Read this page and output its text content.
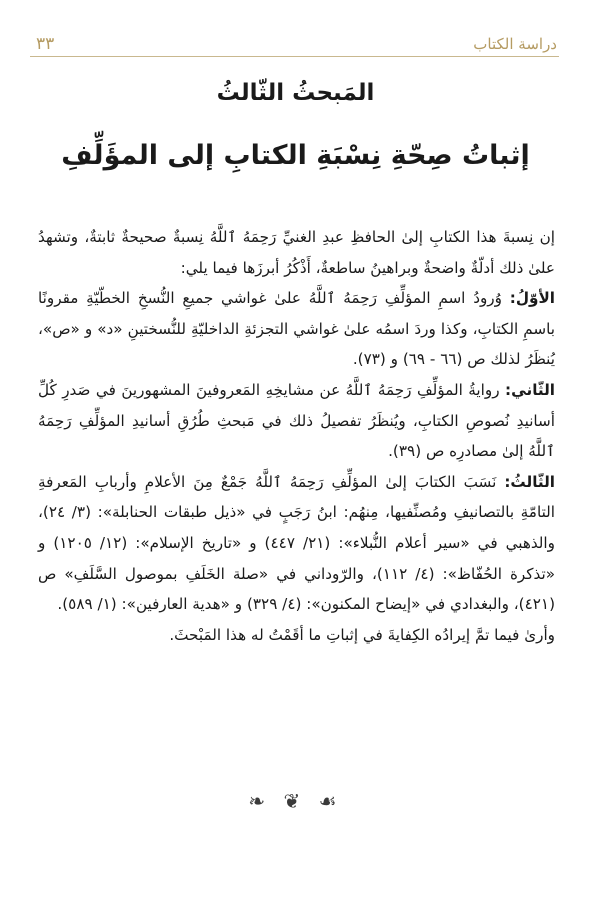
٣٣	دراسة الكتاب
المَبحثُ الثّالثُ
إثباتُ صِحّةِ نِسْبَةِ الكتابِ إلى المؤَلِّفِ

إن نِسبةَ هذا الكتابِ إلىٰ الحافظِ عبدِ الغنيِّ رَحِمَهُ ٱللَّهُ نِسبةٌ صحيحةٌ ثابتةٌ، وتشهدُ علىٰ ذلك أدلّةٌ واضحةٌ وبراهينُ ساطعةٌ، أَذْكُرُ أبرزَها فيما يلي:

الأوّلُ: وُرودُ اسمِ المؤلِّفِ رَحِمَهُ ٱللَّهُ علىٰ غواشي جميعِ النُّسخِ الخطّيّةِ مقرونًا باسمِ الكتابِ، وكذا وردَ اسمُه علىٰ غواشي التجزئةِ الداخليّةِ للنُّسختينِ «د» و «ص»، يُنظَرُ لذلك ص (٦٦ - ٦٩) و (٧٣).

الثّاني: روايةُ المؤلِّفِ رَحِمَهُ ٱللَّهُ عن مشايخِهِ المَعروفينَ المشهورينَ في صَدرِ كُلِّ أسانيدِ نُصوصِ الكتابِ، ويُنظَرُ تفصيلُ ذلك في مَبحثِ طُرُقِ أسانيدِ المؤلِّفِ رَحِمَهُ ٱللَّهُ إلىٰ مصادرِه ص (٣٩).

الثّالثُ: نَسَبَ الكتابَ إلىٰ المؤلِّفِ رَحِمَهُ ٱللَّهُ جَمْعٌ مِنَ الأعلامِ وأربابِ المَعرفةِ التامّةِ بالتصانيفِ ومُصنِّفيها، مِنهُم: ابنُ رَجَبٍ في «ذيل طبقات الحنابلة»: (٣/ ٢٤)، والذهبي في «سير أعلام النُّبلاء»: (٢١/ ٤٤٧) و «تاريخ الإسلام»: (١٢/ ١٢٠٥) و «تذكرة الحُفّاظ»: (٤/ ١١٢)، والرّوداني في «صلة الخَلَفِ بموصول السَّلَفِ» ص (٤٢١)، والبغدادي في «إيضاح المكنون»: (٤/ ٣٢٩) و «هدية العارفين»: (١/ ٥٨٩).

وأرىٰ فيما تمَّ إيرادُه الكِفايةَ في إثباتِ ما أقَمْتُ له هذا المَبْحثَ.

❧ ❦ ☙
